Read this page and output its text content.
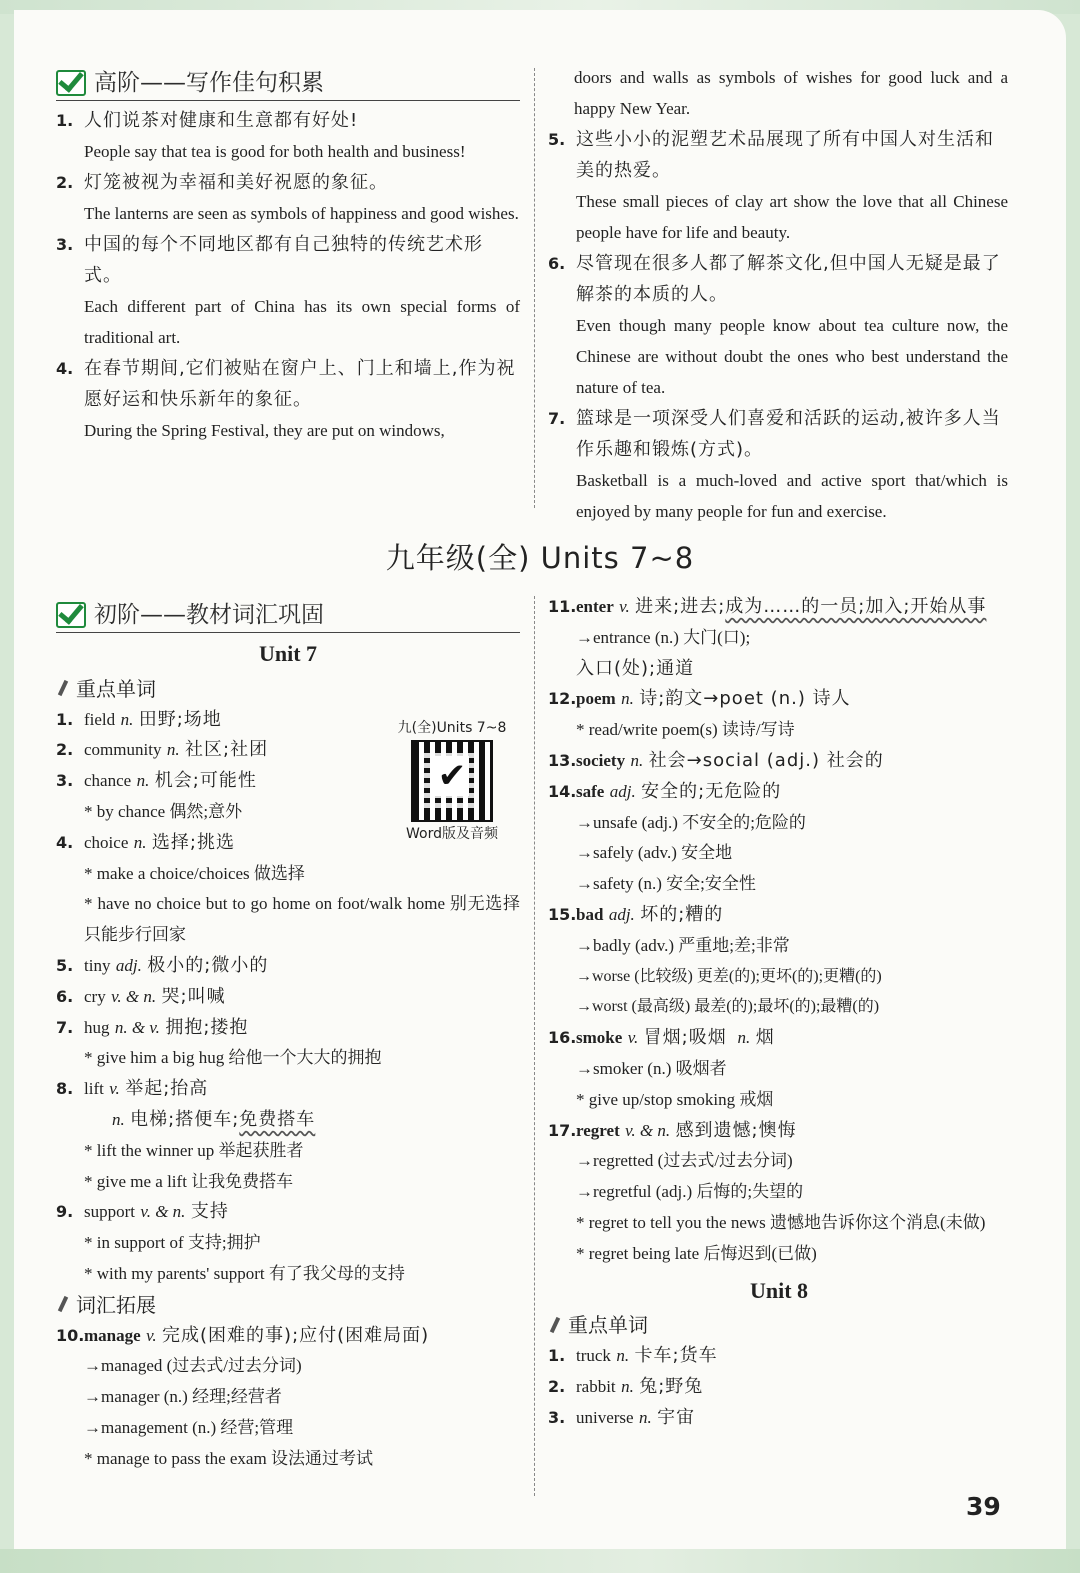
高阶——写作佳句积累
1. 人们说茶对健康和生意都有好处!
People say that tea is good for both health and business!
2. 灯笼被视为幸福和美好祝愿的象征。
The lanterns are seen as symbols of happiness and good wishes.
3. 中国的每个不同地区都有自己独特的传统艺术形式。
Each different part of China has its own special forms of traditional art.
4. 在春节期间,它们被贴在窗户上、门上和墙上,作为祝愿好运和快乐新年的象征。
During the Spring Festival, they are put on windows,
doors and walls as symbols of wishes for good luck and a happy New Year.
5. 这些小小的泥塑艺术品展现了所有中国人对生活和美的热爱。
These small pieces of clay art show the love that all Chinese people have for life and beauty.
6. 尽管现在很多人都了解茶文化,但中国人无疑是最了解茶的本质的人。
Even though many people know about tea culture now, the Chinese are without doubt the ones who best understand the nature of tea.
7. 篮球是一项深受人们喜爱和活跃的运动,被许多人当作乐趣和锻炼(方式)。
Basketball is a much-loved and active sport that/which is enjoyed by many people for fun and exercise.
九年级(全) Units 7~8
初阶——教材词汇巩固
Unit 7
重点单词
1. field n. 田野;场地
2. community n. 社区;社团
3. chance n. 机会;可能性
* by chance 偶然;意外
4. choice n. 选择;挑选
* make a choice/choices 做选择
* have no choice but to go home on foot/walk home 别无选择只能步行回家
5. tiny adj. 极小的;微小的
6. cry v. & n. 哭;叫喊
7. hug n. & v. 拥抱;搂抱
* give him a big hug 给他一个大大的拥抱
8. lift v. 举起;抬高
n. 电梯;搭便车;免费搭车
* lift the winner up 举起获胜者
* give me a lift 让我免费搭车
9. support v. & n. 支持
* in support of 支持;拥护
* with my parents' support 有了我父母的支持
词汇拓展
10. manage v. 完成(困难的事);应付(困难局面)
→managed (过去式/过去分词)
→manager (n.) 经理;经营者
→management (n.) 经营;管理
* manage to pass the exam 设法通过考试
九(全)Units 7~8
✔
Word版及音频
11. enter v. 进来;进去;成为……的一员;加入;开始从事
→entrance (n.) 大门(口);
入口(处);通道
12. poem n. 诗;韵文→poet (n.) 诗人
* read/write poem(s) 读诗/写诗
13. society n. 社会→social (adj.) 社会的
14. safe adj. 安全的;无危险的
→unsafe (adj.) 不安全的;危险的
→safely (adv.) 安全地
→safety (n.) 安全;安全性
15. bad adj. 坏的;糟的
→badly (adv.) 严重地;差;非常
→worse (比较级) 更差(的);更坏(的);更糟(的)
→worst (最高级) 最差(的);最坏(的);最糟(的)
16. smoke v. 冒烟;吸烟 n. 烟
→smoker (n.) 吸烟者
* give up/stop smoking 戒烟
17. regret v. & n. 感到遗憾;懊悔
→regretted (过去式/过去分词)
→regretful (adj.) 后悔的;失望的
* regret to tell you the news 遗憾地告诉你这个消息(未做)
* regret being late 后悔迟到(已做)
Unit 8
重点单词
1. truck n. 卡车;货车
2. rabbit n. 兔;野兔
3. universe n. 宇宙
39
